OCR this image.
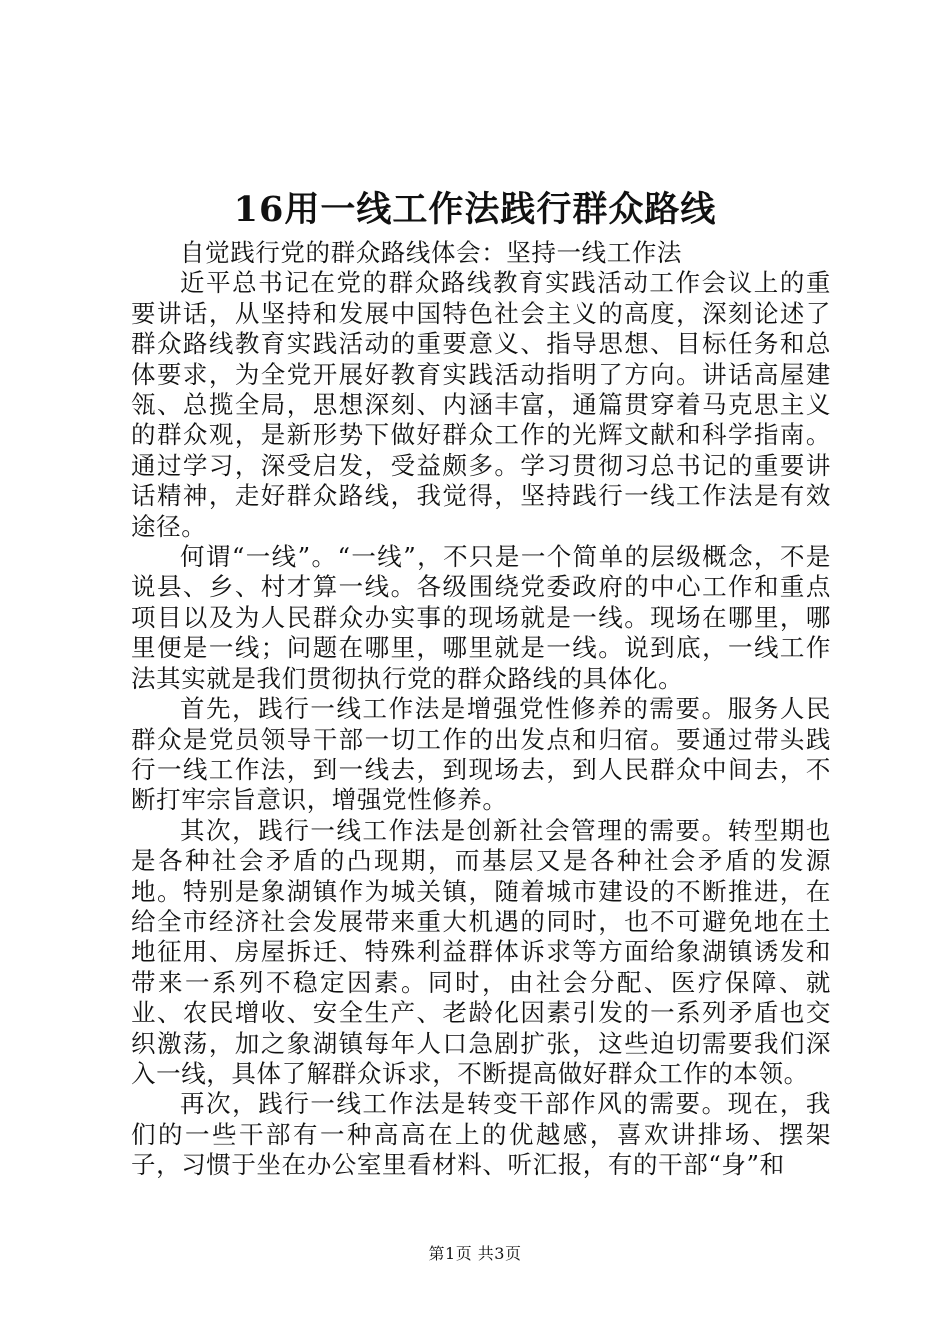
16用一线工作法践行群众路线

自觉践行党的群众路线体会：坚持一线工作法

近平总书记在党的群众路线教育实践活动工作会议上的重要讲话，从坚持和发展中国特色社会主义的高度，深刻论述了群众路线教育实践活动的重要意义、指导思想、目标任务和总体要求，为全党开展好教育实践活动指明了方向。讲话高屋建瓴、总揽全局，思想深刻、内涵丰富，通篇贯穿着马克思主义的群众观，是新形势下做好群众工作的光辉文献和科学指南。通过学习，深受启发，受益颇多。学习贯彻习总书记的重要讲话精神，走好群众路线，我觉得，坚持践行一线工作法是有效途径。

何谓“一线”。“一线”，不只是一个简单的层级概念，不是说县、乡、村才算一线。各级围绕党委政府的中心工作和重点项目以及为人民群众办实事的现场就是一线。现场在哪里，哪里便是一线；问题在哪里，哪里就是一线。说到底，一线工作法其实就是我们贯彻执行党的群众路线的具体化。

首先，践行一线工作法是增强党性修养的需要。服务人民群众是党员领导干部一切工作的出发点和归宿。要通过带头践行一线工作法，到一线去，到现场去，到人民群众中间去，不断打牢宗旨意识，增强党性修养。

其次，践行一线工作法是创新社会管理的需要。转型期也是各种社会矛盾的凸现期，而基层又是各种社会矛盾的发源地。特别是象湖镇作为城关镇，随着城市建设的不断推进，在给全市经济社会发展带来重大机遇的同时，也不可避免地在土地征用、房屋拆迁、特殊利益群体诉求等方面给象湖镇诱发和带来一系列不稳定因素。同时，由社会分配、医疗保障、就业、农民增收、安全生产、老龄化因素引发的一系列矛盾也交织激荡，加之象湖镇每年人口急剧扩张，这些迫切需要我们深入一线，具体了解群众诉求，不断提高做好群众工作的本领。

再次，践行一线工作法是转变干部作风的需要。现在，我们的一些干部有一种高高在上的优越感，喜欢讲排场、摆架子，习惯于坐在办公室里看材料、听汇报，有的干部“身”和

第1页 共3页
